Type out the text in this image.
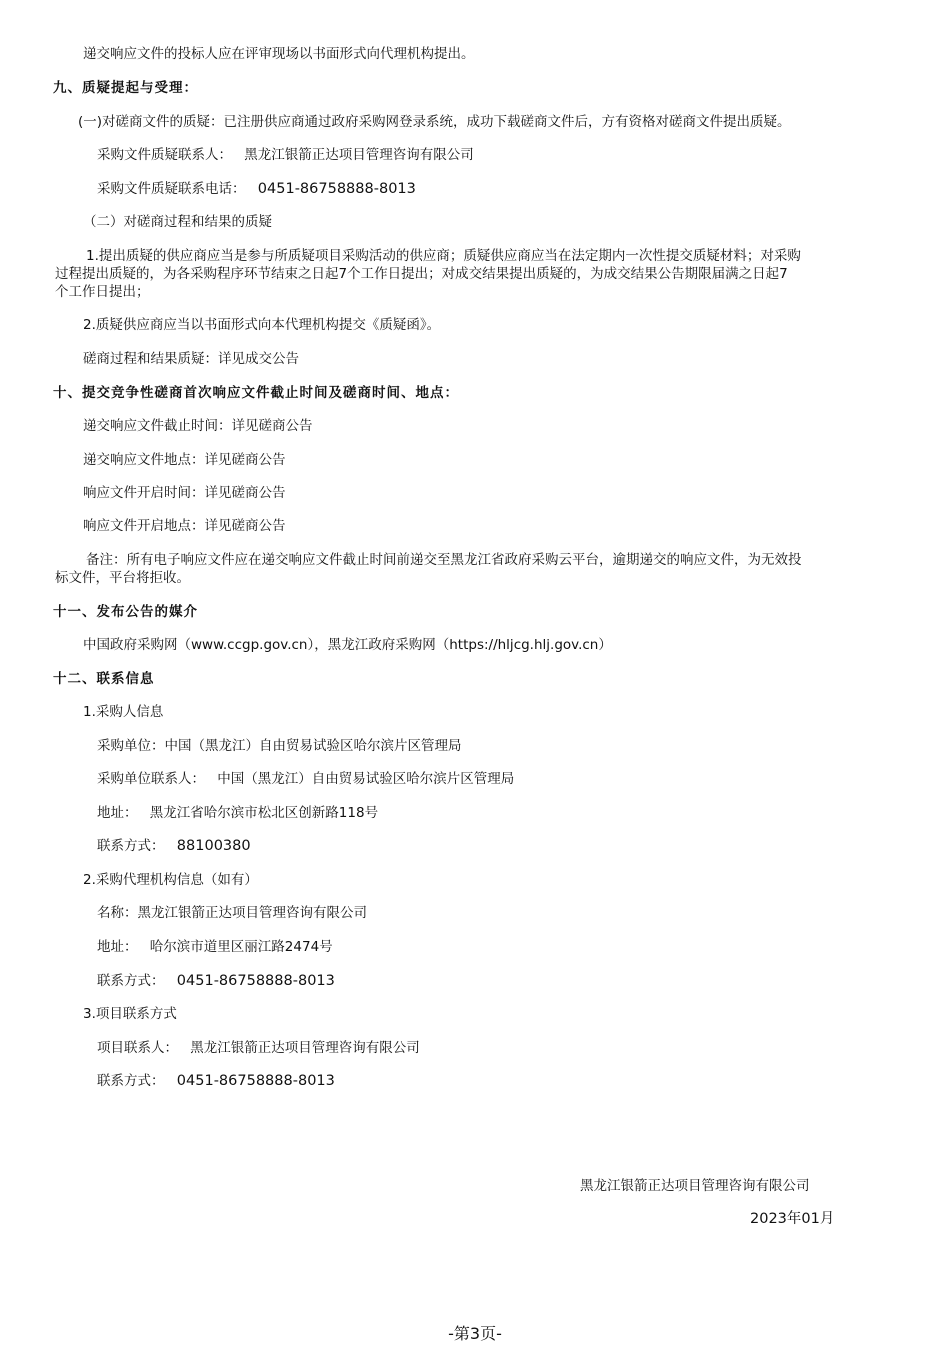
递交响应文件的投标人应在评审现场以书面形式向代理机构提出。
九、质疑提起与受理：
(一)对磋商文件的质疑：已注册供应商通过政府采购网登录系统，成功下载磋商文件后，方有资格对磋商文件提出质疑。
采购文件质疑联系人： 黑龙江银箭正达项目管理咨询有限公司
采购文件质疑联系电话： 0451-86758888-8013
（二）对磋商过程和结果的质疑
1.提出质疑的供应商应当是参与所质疑项目采购活动的供应商；质疑供应商应当在法定期内一次性提交质疑材料；对采购
过程提出质疑的，为各采购程序环节结束之日起7个工作日提出；对成交结果提出质疑的，为成交结果公告期限届满之日起7
个工作日提出；
2.质疑供应商应当以书面形式向本代理机构提交《质疑函》。
磋商过程和结果质疑：详见成交公告
十、提交竞争性磋商首次响应文件截止时间及磋商时间、地点：
递交响应文件截止时间：详见磋商公告
递交响应文件地点：详见磋商公告
响应文件开启时间：详见磋商公告
响应文件开启地点：详见磋商公告
备注：所有电子响应文件应在递交响应文件截止时间前递交至黑龙江省政府采购云平台，逾期递交的响应文件，为无效投
标文件，平台将拒收。
十一、发布公告的媒介
中国政府采购网（www.ccgp.gov.cn），黑龙江政府采购网（https://hljcg.hlj.gov.cn）
十二、联系信息
1.采购人信息
采购单位：中国（黑龙江）自由贸易试验区哈尔滨片区管理局
采购单位联系人： 中国（黑龙江）自由贸易试验区哈尔滨片区管理局
地址： 黑龙江省哈尔滨市松北区创新路118号
联系方式： 88100380
2.采购代理机构信息（如有）
名称：黑龙江银箭正达项目管理咨询有限公司
地址： 哈尔滨市道里区丽江路2474号
联系方式： 0451-86758888-8013
3.项目联系方式
项目联系人： 黑龙江银箭正达项目管理咨询有限公司
联系方式： 0451-86758888-8013
黑龙江银箭正达项目管理咨询有限公司
2023年01月
-第3页-
